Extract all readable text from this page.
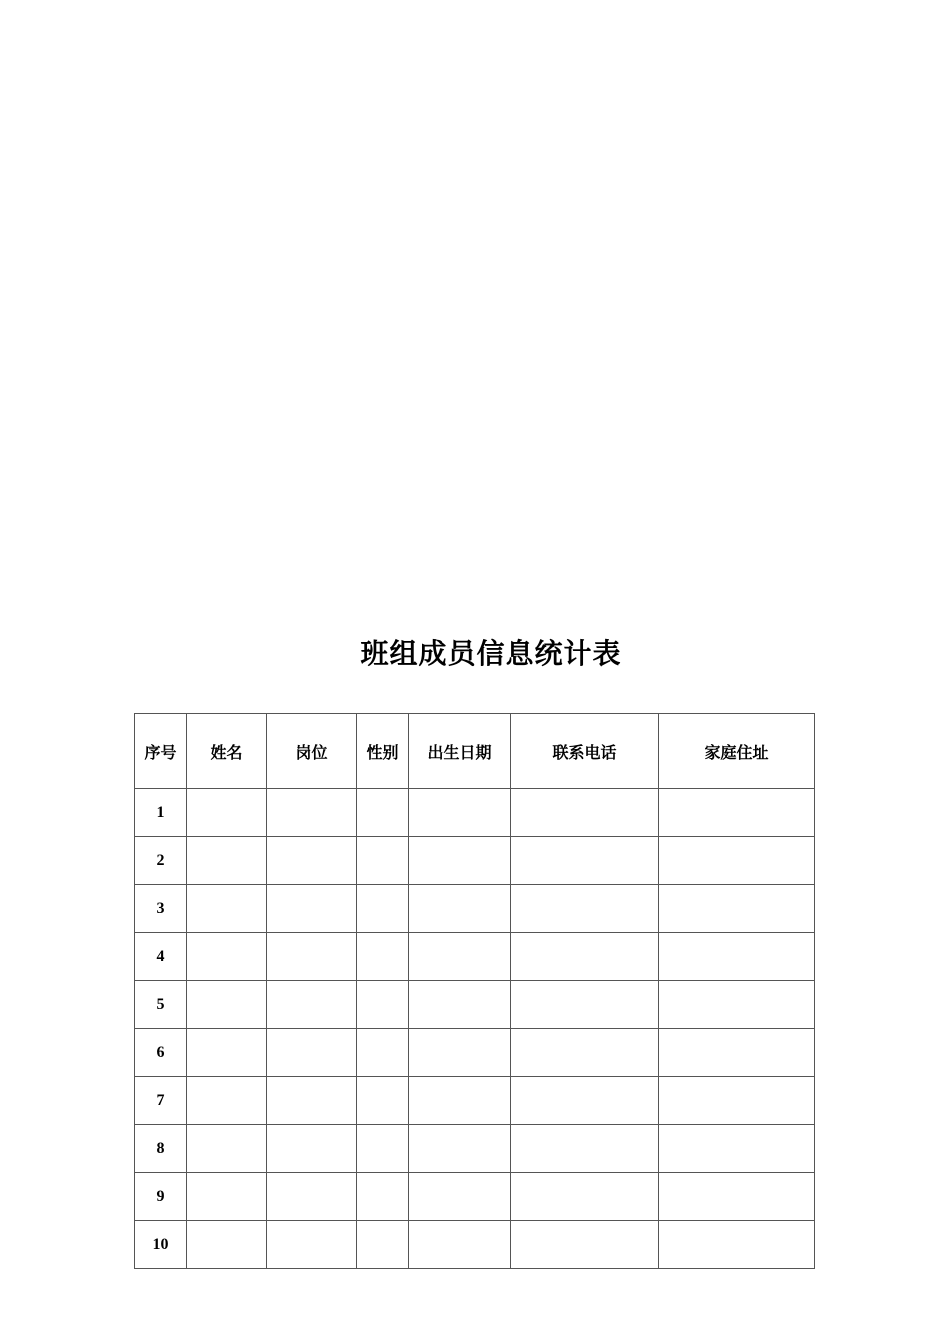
班组成员信息统计表
序号	姓名	岗位	性别	出生日期	联系电话	家庭住址
1						
2						
3						
4						
5						
6						
7						
8						
9						
10						
